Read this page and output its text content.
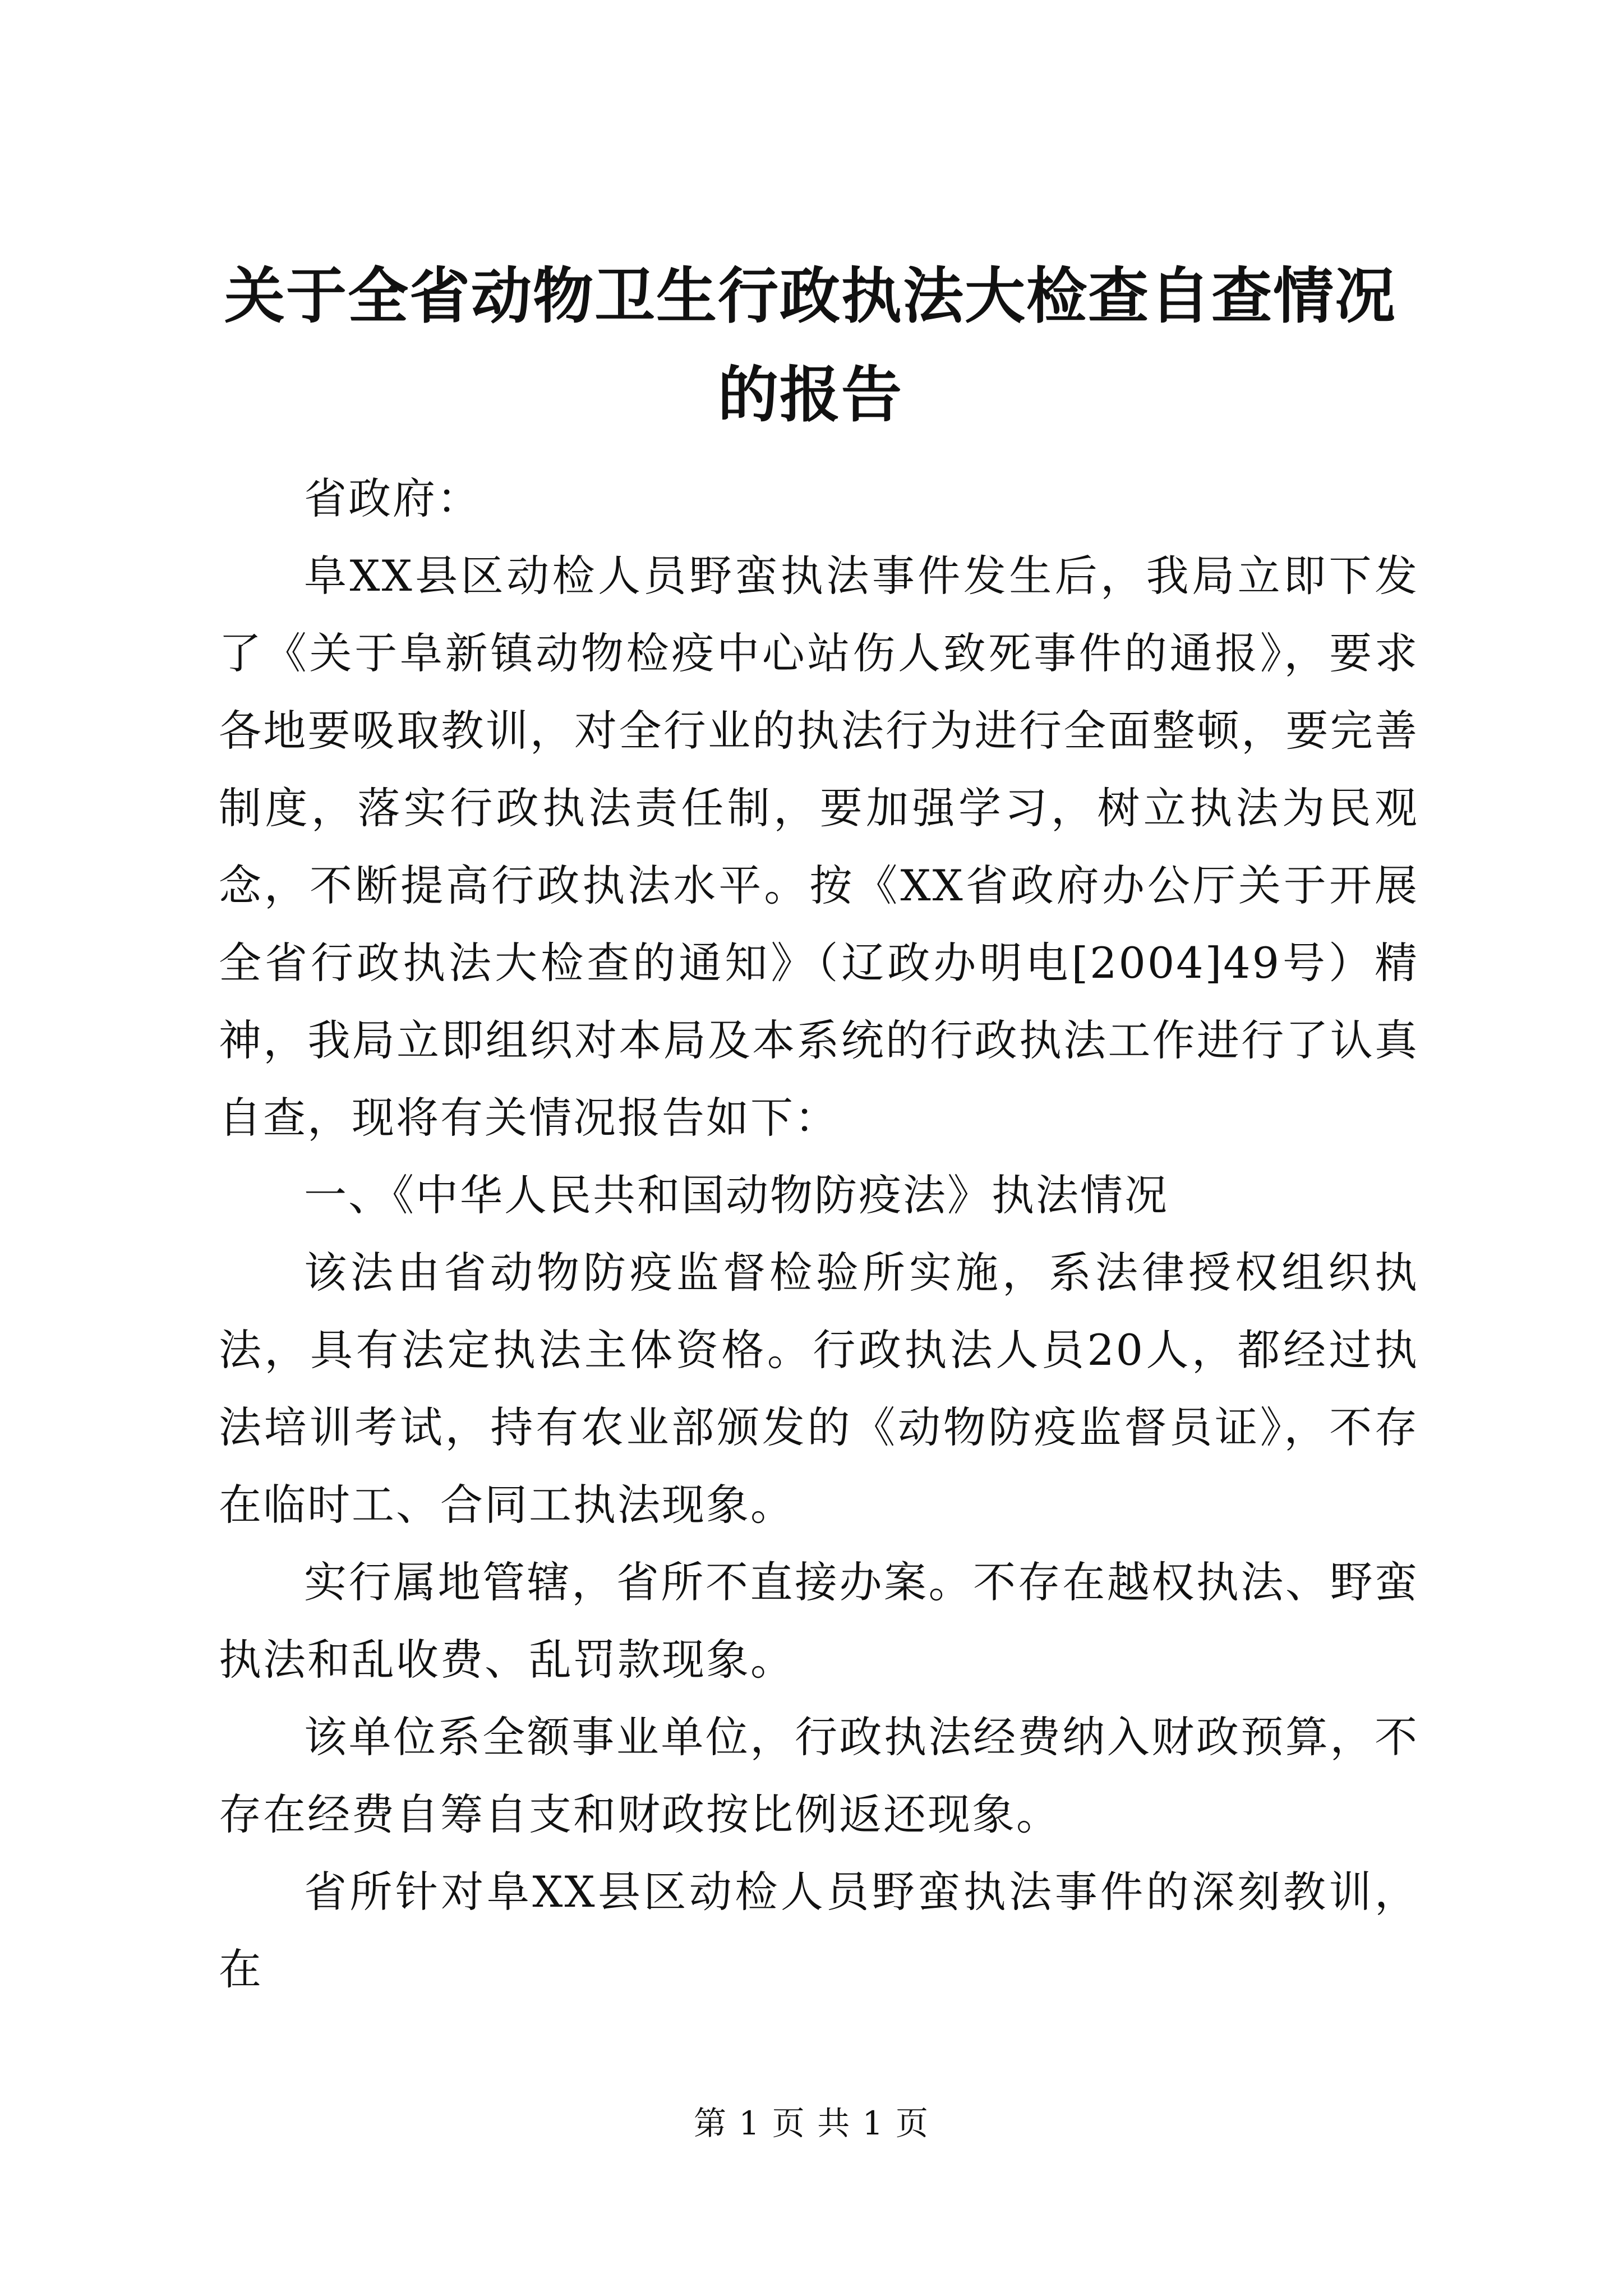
关于全省动物卫生行政执法大检查自查情况的报告

省政府：

阜XX县区动检人员野蛮执法事件发生后，我局立即下发了《关于阜新镇动物检疫中心站伤人致死事件的通报》，要求各地要吸取教训，对全行业的执法行为进行全面整顿，要完善制度，落实行政执法责任制，要加强学习，树立执法为民观念，不断提高行政执法水平。按《XX省政府办公厅关于开展全省行政执法大检查的通知》（辽政办明电[2004]49号）精神，我局立即组织对本局及本系统的行政执法工作进行了认真自查，现将有关情况报告如下：

一、《中华人民共和国动物防疫法》执法情况

该法由省动物防疫监督检验所实施，系法律授权组织执法，具有法定执法主体资格。行政执法人员20人，都经过执法培训考试，持有农业部颁发的《动物防疫监督员证》，不存在临时工、合同工执法现象。

实行属地管辖，省所不直接办案。不存在越权执法、野蛮执法和乱收费、乱罚款现象。

该单位系全额事业单位，行政执法经费纳入财政预算，不存在经费自筹自支和财政按比例返还现象。

省所针对阜XX县区动检人员野蛮执法事件的深刻教训，在

第 1 页 共 1 页
